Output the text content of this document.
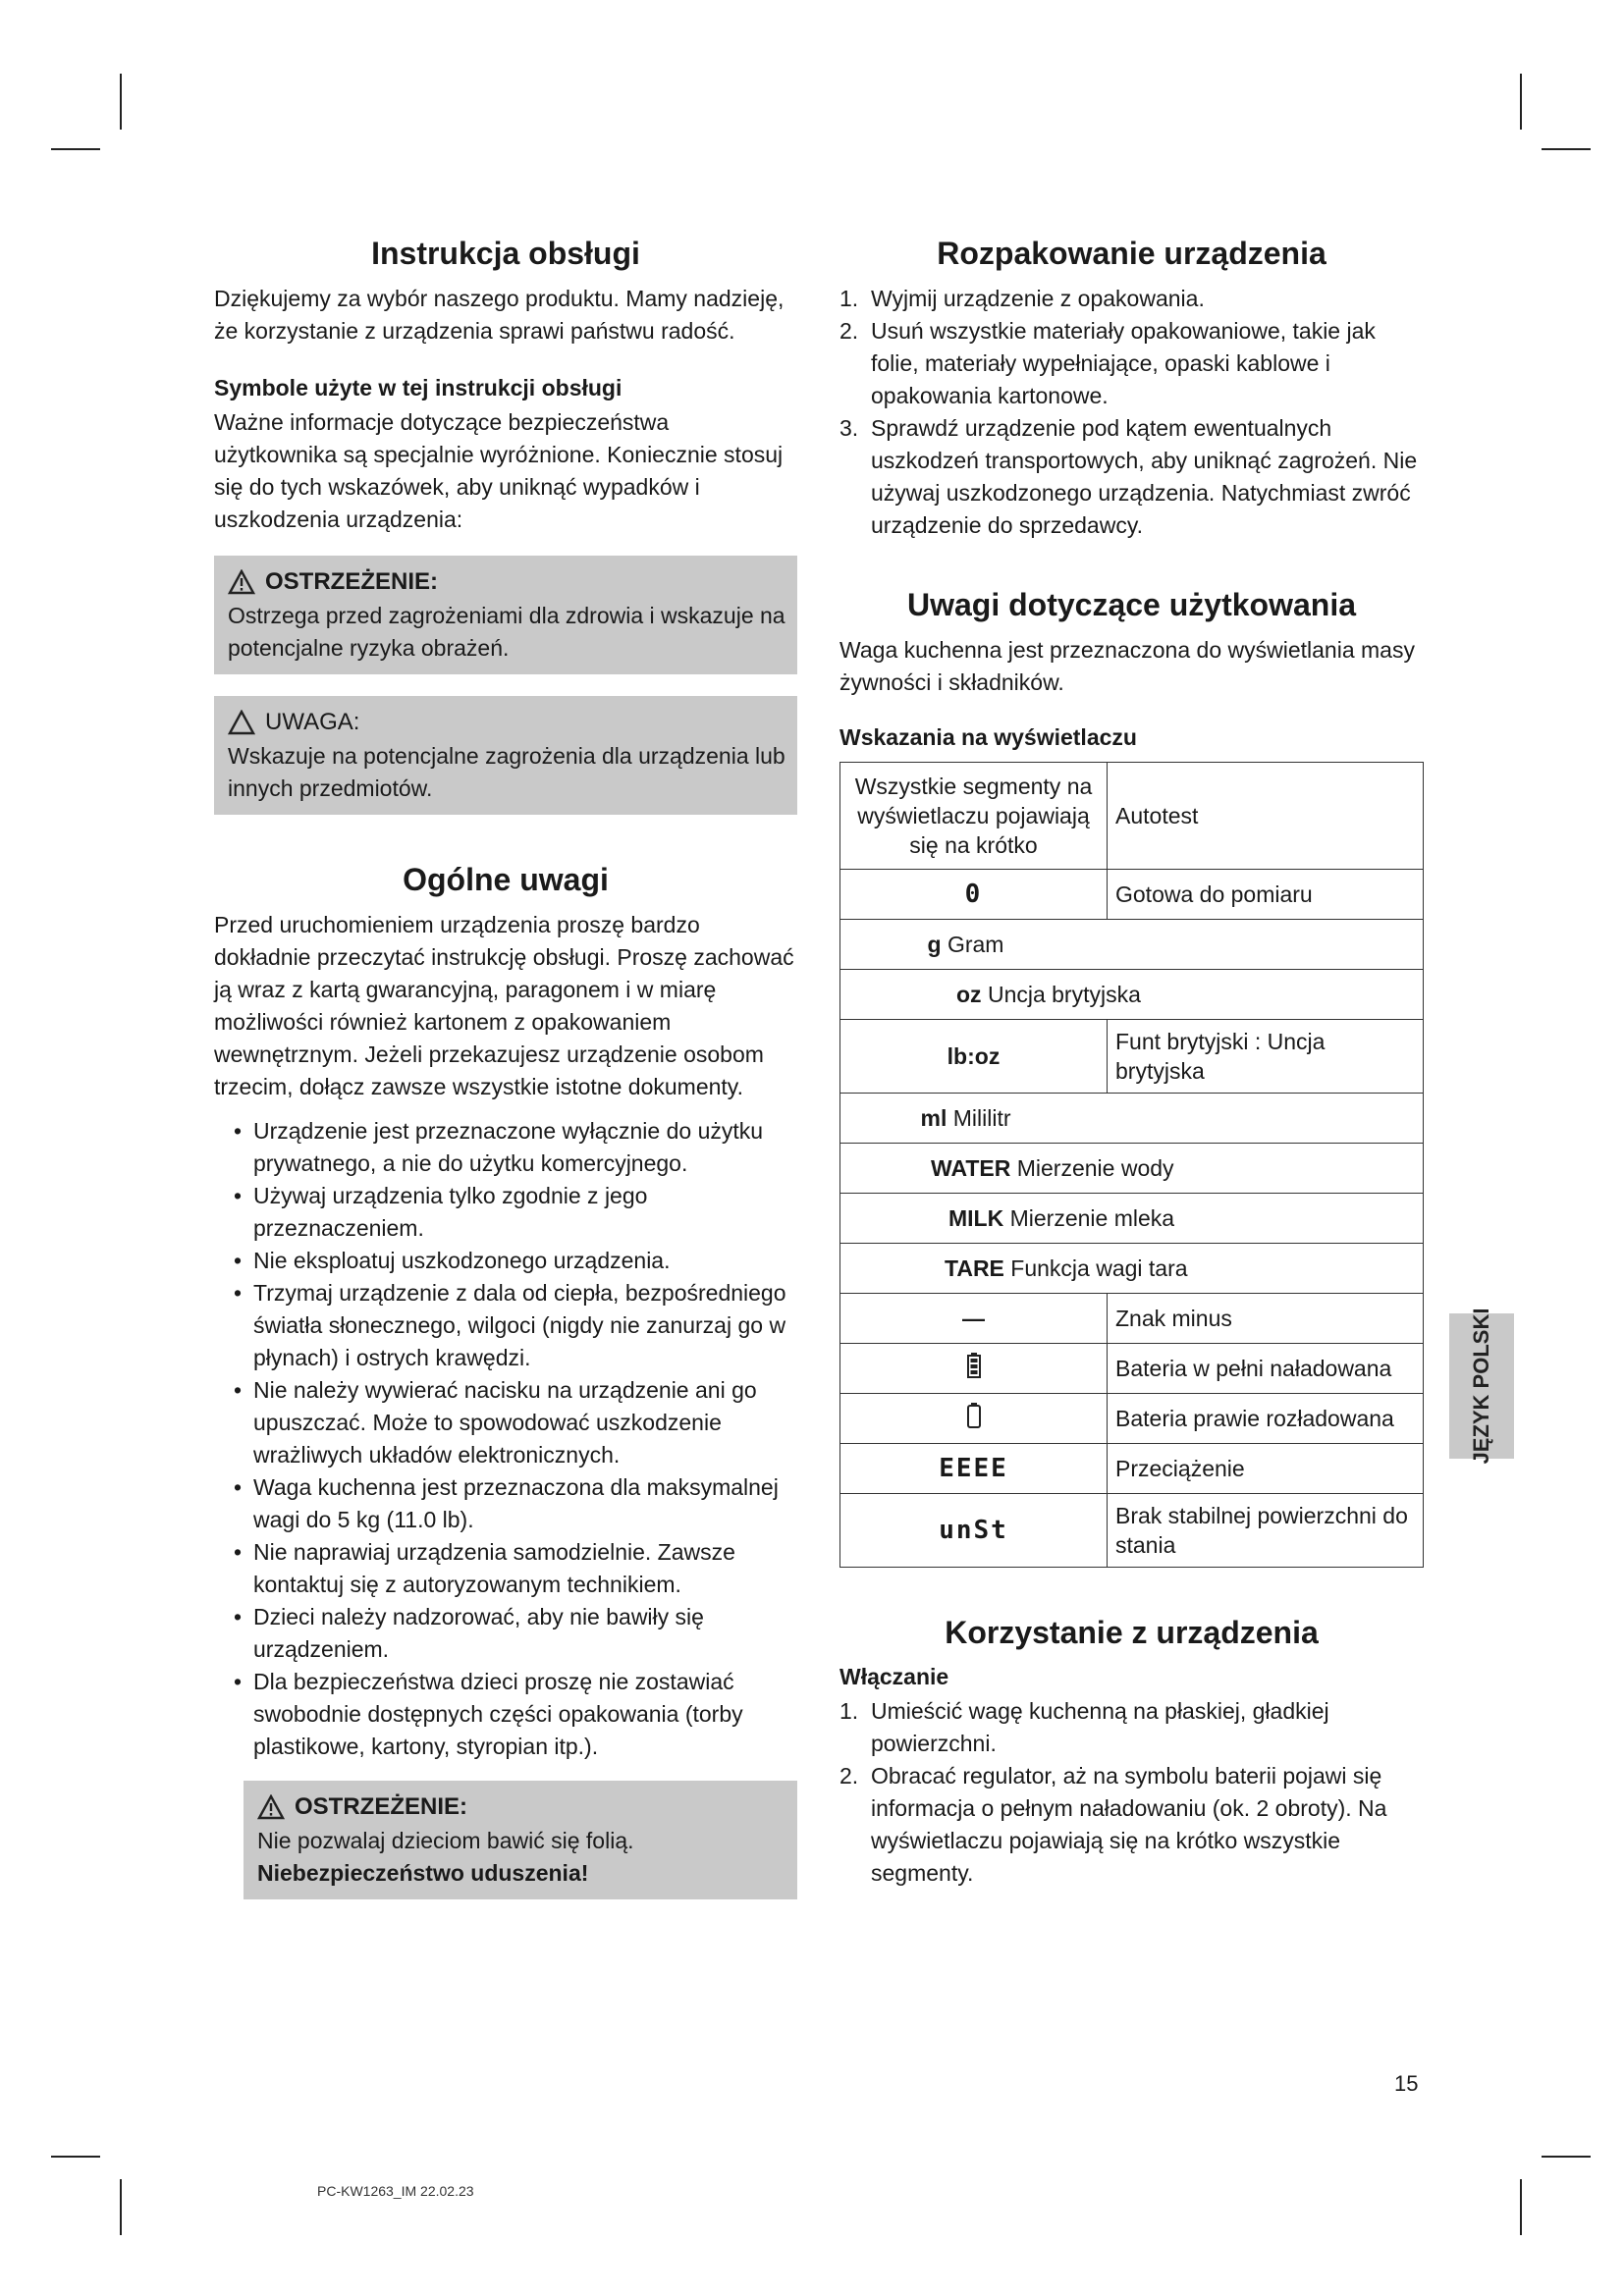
Instrukcja obsługi

Dziękujemy za wybór naszego produktu. Mamy nadzieję, że korzystanie z urządzenia sprawi państwu radość.

Symbole użyte w tej instrukcji obsługi

Ważne informacje dotyczące bezpieczeństwa użytkownika są specjalnie wyróżnione. Koniecznie stosuj się do tych wskazówek, aby uniknąć wypadków i uszkodzenia urządzenia:

OSTRZEŻENIE:

Ostrzega przed zagrożeniami dla zdrowia i wskazuje na potencjalne ryzyka obrażeń.

UWAGA:

Wskazuje na potencjalne zagrożenia dla urządzenia lub innych przedmiotów.

Ogólne uwagi

Przed uruchomieniem urządzenia proszę bardzo dokładnie przeczytać instrukcję obsługi. Proszę zachować ją wraz z kartą gwarancyjną, paragonem i w miarę możliwości również kartonem z opakowaniem wewnętrznym. Jeżeli przekazujesz urządzenie osobom trzecim, dołącz zawsze wszystkie istotne dokumenty.

• Urządzenie jest przeznaczone wyłącznie do użytku prywatnego, a nie do użytku komercyjnego.
• Używaj urządzenia tylko zgodnie z jego przeznaczeniem.
• Nie eksploatuj uszkodzonego urządzenia.
• Trzymaj urządzenie z dala od ciepła, bezpośredniego światła słonecznego, wilgoci (nigdy nie zanurzaj go w płynach) i ostrych krawędzi.
• Nie należy wywierać nacisku na urządzenie ani go upuszczać. Może to spowodować uszkodzenie wrażliwych układów elektronicznych.
• Waga kuchenna jest przeznaczona dla maksymalnej wagi do 5 kg (11.0 lb).
• Nie naprawiaj urządzenia samodzielnie. Zawsze kontaktuj się z autoryzowanym technikiem.
• Dzieci należy nadzorować, aby nie bawiły się urządzeniem.
• Dla bezpieczeństwa dzieci proszę nie zostawiać swobodnie dostępnych części opakowania (torby plastikowe, kartony, styropian itp.).
OSTRZEŻENIE:

Nie pozwalaj dzieciom bawić się folią. Niebezpieczeństwo uduszenia!

Rozpakowanie urządzenia
1. Wyjmij urządzenie z opakowania.
2. Usuń wszystkie materiały opakowaniowe, takie jak folie, materiały wypełniające, opaski kablowe i opakowania kartonowe.
3. Sprawdź urządzenie pod kątem ewentualnych uszkodzeń transportowych, aby uniknąć zagrożeń. Nie używaj uszkodzonego urządzenia. Natychmiast zwróć urządzenie do sprzedawcy.
Uwagi dotyczące użytkowania

Waga kuchenna jest przeznaczona do wyświetlania masy żywności i składników.

Wskazania na wyświetlaczu
Wszystkie segmenty na wyświetlaczu pojawiają się na krótko	Autotest
0	Gotowa do pomiaru

g Gram	

oz Uncja brytyjska	

lb:oz	Funt brytyjski : Uncja brytyjska

ml Mililitr	

WATER Mierzenie wody	

MILK Mierzenie mleka	

TARE Funkcja wagi tara	

—	Znak minus
	Bateria w pełni naładowana
	Bateria prawie rozładowana
EEEE	Przeciążenie
unSt	Brak stabilnej powierzchni do stania
Korzystanie z urządzenia
Włączanie
1. Umieścić wagę kuchenną na płaskiej, gładkiej powierzchni.
2. Obracać regulator, aż na symbolu baterii pojawi się informacja o pełnym naładowaniu (ok. 2 obroty). Na wyświetlaczu pojawiają się na krótko wszystkie segmenty.
JĘZYK POLSKI
15
PC-KW1263_IM 22.02.23
